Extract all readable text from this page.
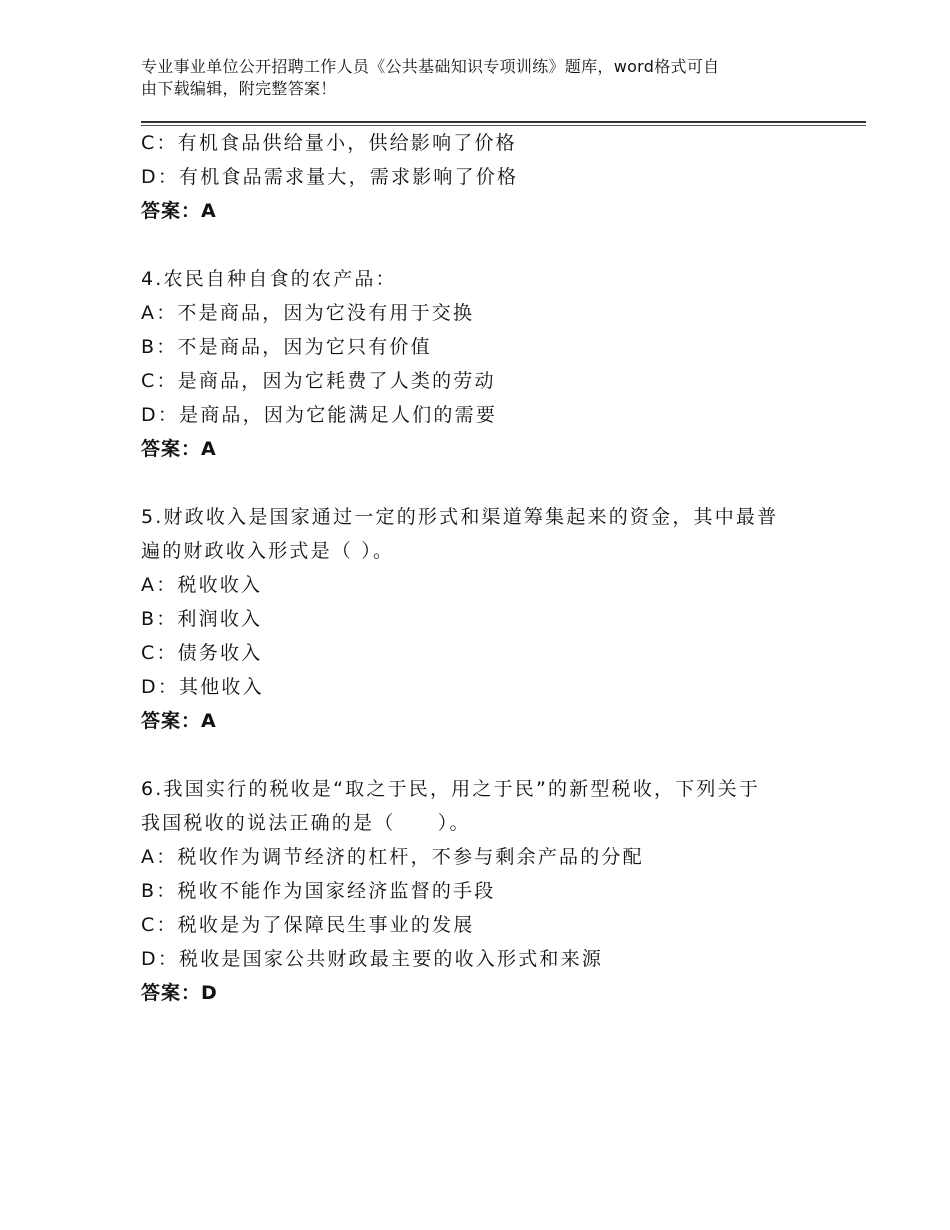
专业事业单位公开招聘工作人员《公共基础知识专项训练》题库，word格式可自
由下载编辑，附完整答案！
C：有机食品供给量小，供给影响了价格
D：有机食品需求量大，需求影响了价格
答案：A
4.农民自种自食的农产品：
A：不是商品，因为它没有用于交换
B：不是商品，因为它只有价值
C：是商品，因为它耗费了人类的劳动
D：是商品，因为它能满足人们的需要
答案：A
5.财政收入是国家通过一定的形式和渠道筹集起来的资金，其中最普
遍的财政收入形式是（ ）。
A：税收收入
B：利润收入
C：债务收入
D：其他收入
答案：A
6.我国实行的税收是“取之于民，用之于民”的新型税收，下列关于
我国税收的说法正确的是（　　）。
A：税收作为调节经济的杠杆，不参与剩余产品的分配
B：税收不能作为国家经济监督的手段
C：税收是为了保障民生事业的发展
D：税收是国家公共财政最主要的收入形式和来源
答案：D
